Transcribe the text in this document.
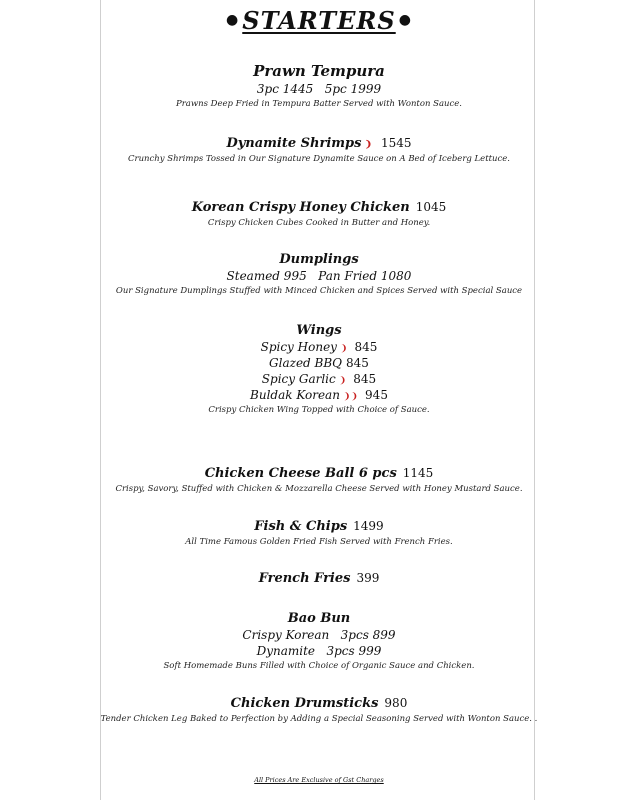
● STARTERS ●
Prawn Tempura
3pc 1445 5pc 1999
Prawns Deep Fried in Tempura Batter Served with Wonton Sauce.
Dynamite Shrimps ❩ 1545
Crunchy Shrimps Tossed in Our Signature Dynamite Sauce on A Bed of Iceberg Lettuce.
Korean Crispy Honey Chicken 1045
Crispy Chicken Cubes Cooked in Butter and Honey.
Dumplings
Steamed 995 Pan Fried 1080
Our Signature Dumplings Stuffed with Minced Chicken and Spices Served with Special Sauce
Wings
Spicy Honey ❩ 845
Glazed BBQ 845
Spicy Garlic ❩ 845
Buldak Korean ❩❩ 945
Crispy Chicken Wing Topped with Choice of Sauce.
Chicken Cheese Ball 6 pcs 1145
Crispy, Savory, Stuffed with Chicken & Mozzarella Cheese Served with Honey Mustard Sauce.
Fish & Chips 1499
All Time Famous Golden Fried Fish Served with French Fries.
French Fries 399
Bao Bun
Crispy Korean 3pcs 899
Dynamite 3pcs 999
Soft Homemade Buns Filled with Choice of Organic Sauce and Chicken.
Chicken Drumsticks 980
Tender Chicken Leg Baked to Perfection by Adding a Special Seasoning Served with Wonton Sauce. .
All Prices Are Exclusive of Gst Charges
